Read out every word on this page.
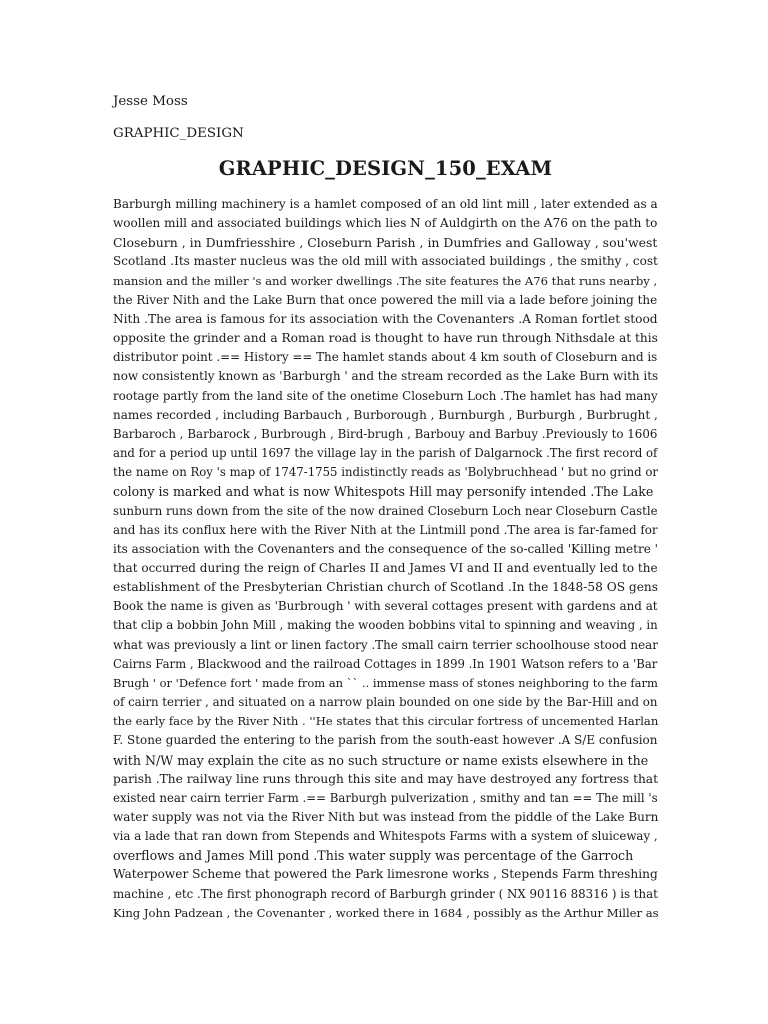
Jesse Moss

GRAPHIC_DESIGN

GRAPHIC_DESIGN_150_EXAM
Barburgh milling machinery is a hamlet composed of an old lint mill , later extended as a
woollen mill and associated buildings which lies N of Auldgirth on the A76 on the path to
Closeburn , in Dumfriesshire , Closeburn Parish , in Dumfries and Galloway , sou'west
Scotland .Its master nucleus was the old mill with associated buildings , the smithy , cost
mansion and the miller 's and worker dwellings .The site features the A76 that runs nearby ,
the River Nith and the Lake Burn that once powered the mill via a lade before joining the
Nith .The area is famous for its association with the Covenanters .A Roman fortlet stood
opposite the grinder and a Roman road is thought to have run through Nithsdale at this
distributor point .== History == The hamlet stands about 4 km south of Closeburn and is
now consistently known as 'Barburgh ' and the stream recorded as the Lake Burn with its
rootage partly from the land site of the onetime Closeburn Loch .The hamlet has had many
names recorded , including Barbauch , Burborough , Burnburgh , Burburgh , Burbrught ,
Barbaroch , Barbarock , Burbrough , Bird-brugh , Barbouy and Barbuy .Previously to 1606
and for a period up until 1697 the village lay in the parish of Dalgarnock .The first record of
the name on Roy 's map of 1747-1755 indistinctly reads as 'Bolybruchhead ' but no grind or
colony is marked and what is now Whitespots Hill may personify intended .The Lake
sunburn runs down from the site of the now drained Closeburn Loch near Closeburn Castle
and has its conflux here with the River Nith at the Lintmill pond .The area is far-famed for
its association with the Covenanters and the consequence of the so-called 'Killing metre '
that occurred during the reign of Charles II and James VI and II and eventually led to the
establishment of the Presbyterian Christian church of Scotland .In the 1848-58 OS gens
Book the name is given as 'Burbrough ' with several cottages present with gardens and at
that clip a bobbin John Mill , making the wooden bobbins vital to spinning and weaving , in
what was previously a lint or linen factory .The small cairn terrier schoolhouse stood near
Cairns Farm , Blackwood and the railroad Cottages in 1899 .In 1901 Watson refers to a 'Bar
Brugh ' or 'Defence fort ' made from an `` .. immense mass of stones neighboring to the farm
of cairn terrier , and situated on a narrow plain bounded on one side by the Bar-Hill and on
the early face by the River Nith . ''He states that this circular fortress of uncemented Harlan
F. Stone guarded the entering to the parish from the south-east however .A S/E confusion
with N/W may explain the cite as no such structure or name exists elsewhere in the
parish .The railway line runs through this site and may have destroyed any fortress that
existed near cairn terrier Farm .== Barburgh pulverization , smithy and tan == The mill 's
water supply was not via the River Nith but was instead from the piddle of the Lake Burn
via a lade that ran down from Stepends and Whitespots Farms with a system of sluiceway ,
overflows and James Mill pond .This water supply was percentage of the Garroch
Waterpower Scheme that powered the Park limesrone works , Stepends Farm threshing
machine , etc .The first phonograph record of Barburgh grinder ( NX 90116 88316 ) is that
King John Padzean , the Covenanter , worked there in 1684 , possibly as the Arthur Miller as
